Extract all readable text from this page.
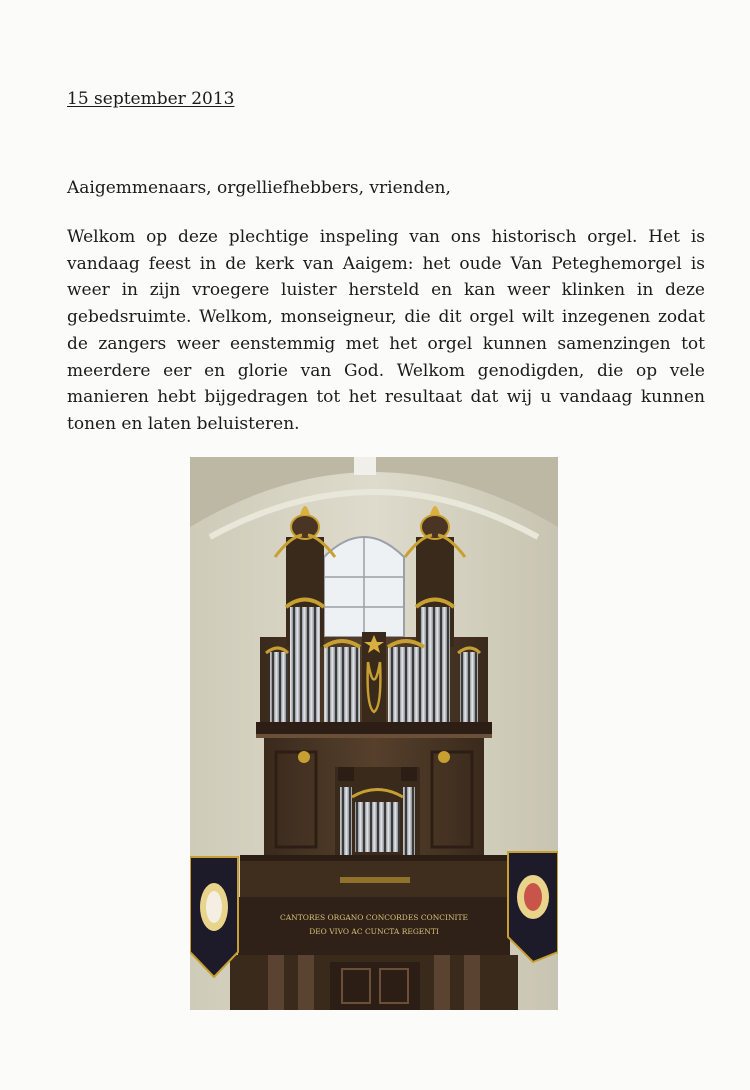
15 september 2013
Aaigemmenaars, orgelliefhebbers, vrienden,
Welkom op deze plechtige inspeling van ons historisch orgel. Het is vandaag feest in de kerk van Aaigem: het oude Van Peteghemorgel is weer in zijn vroegere luister hersteld en kan weer klinken in deze gebedsruimte. Welkom, monseigneur, die dit orgel wilt inzegenen zodat de zangers weer eenstemmig met het orgel kunnen samenzingen tot meerdere eer en glorie van God. Welkom genodigden, die op vele manieren hebt bijgedragen tot het resultaat dat wij u vandaag kunnen tonen en laten beluisteren.
CANTORES ORGANO CONCORDES CONCINITE
DEO VIVO AC CUNCTA REGENTI
